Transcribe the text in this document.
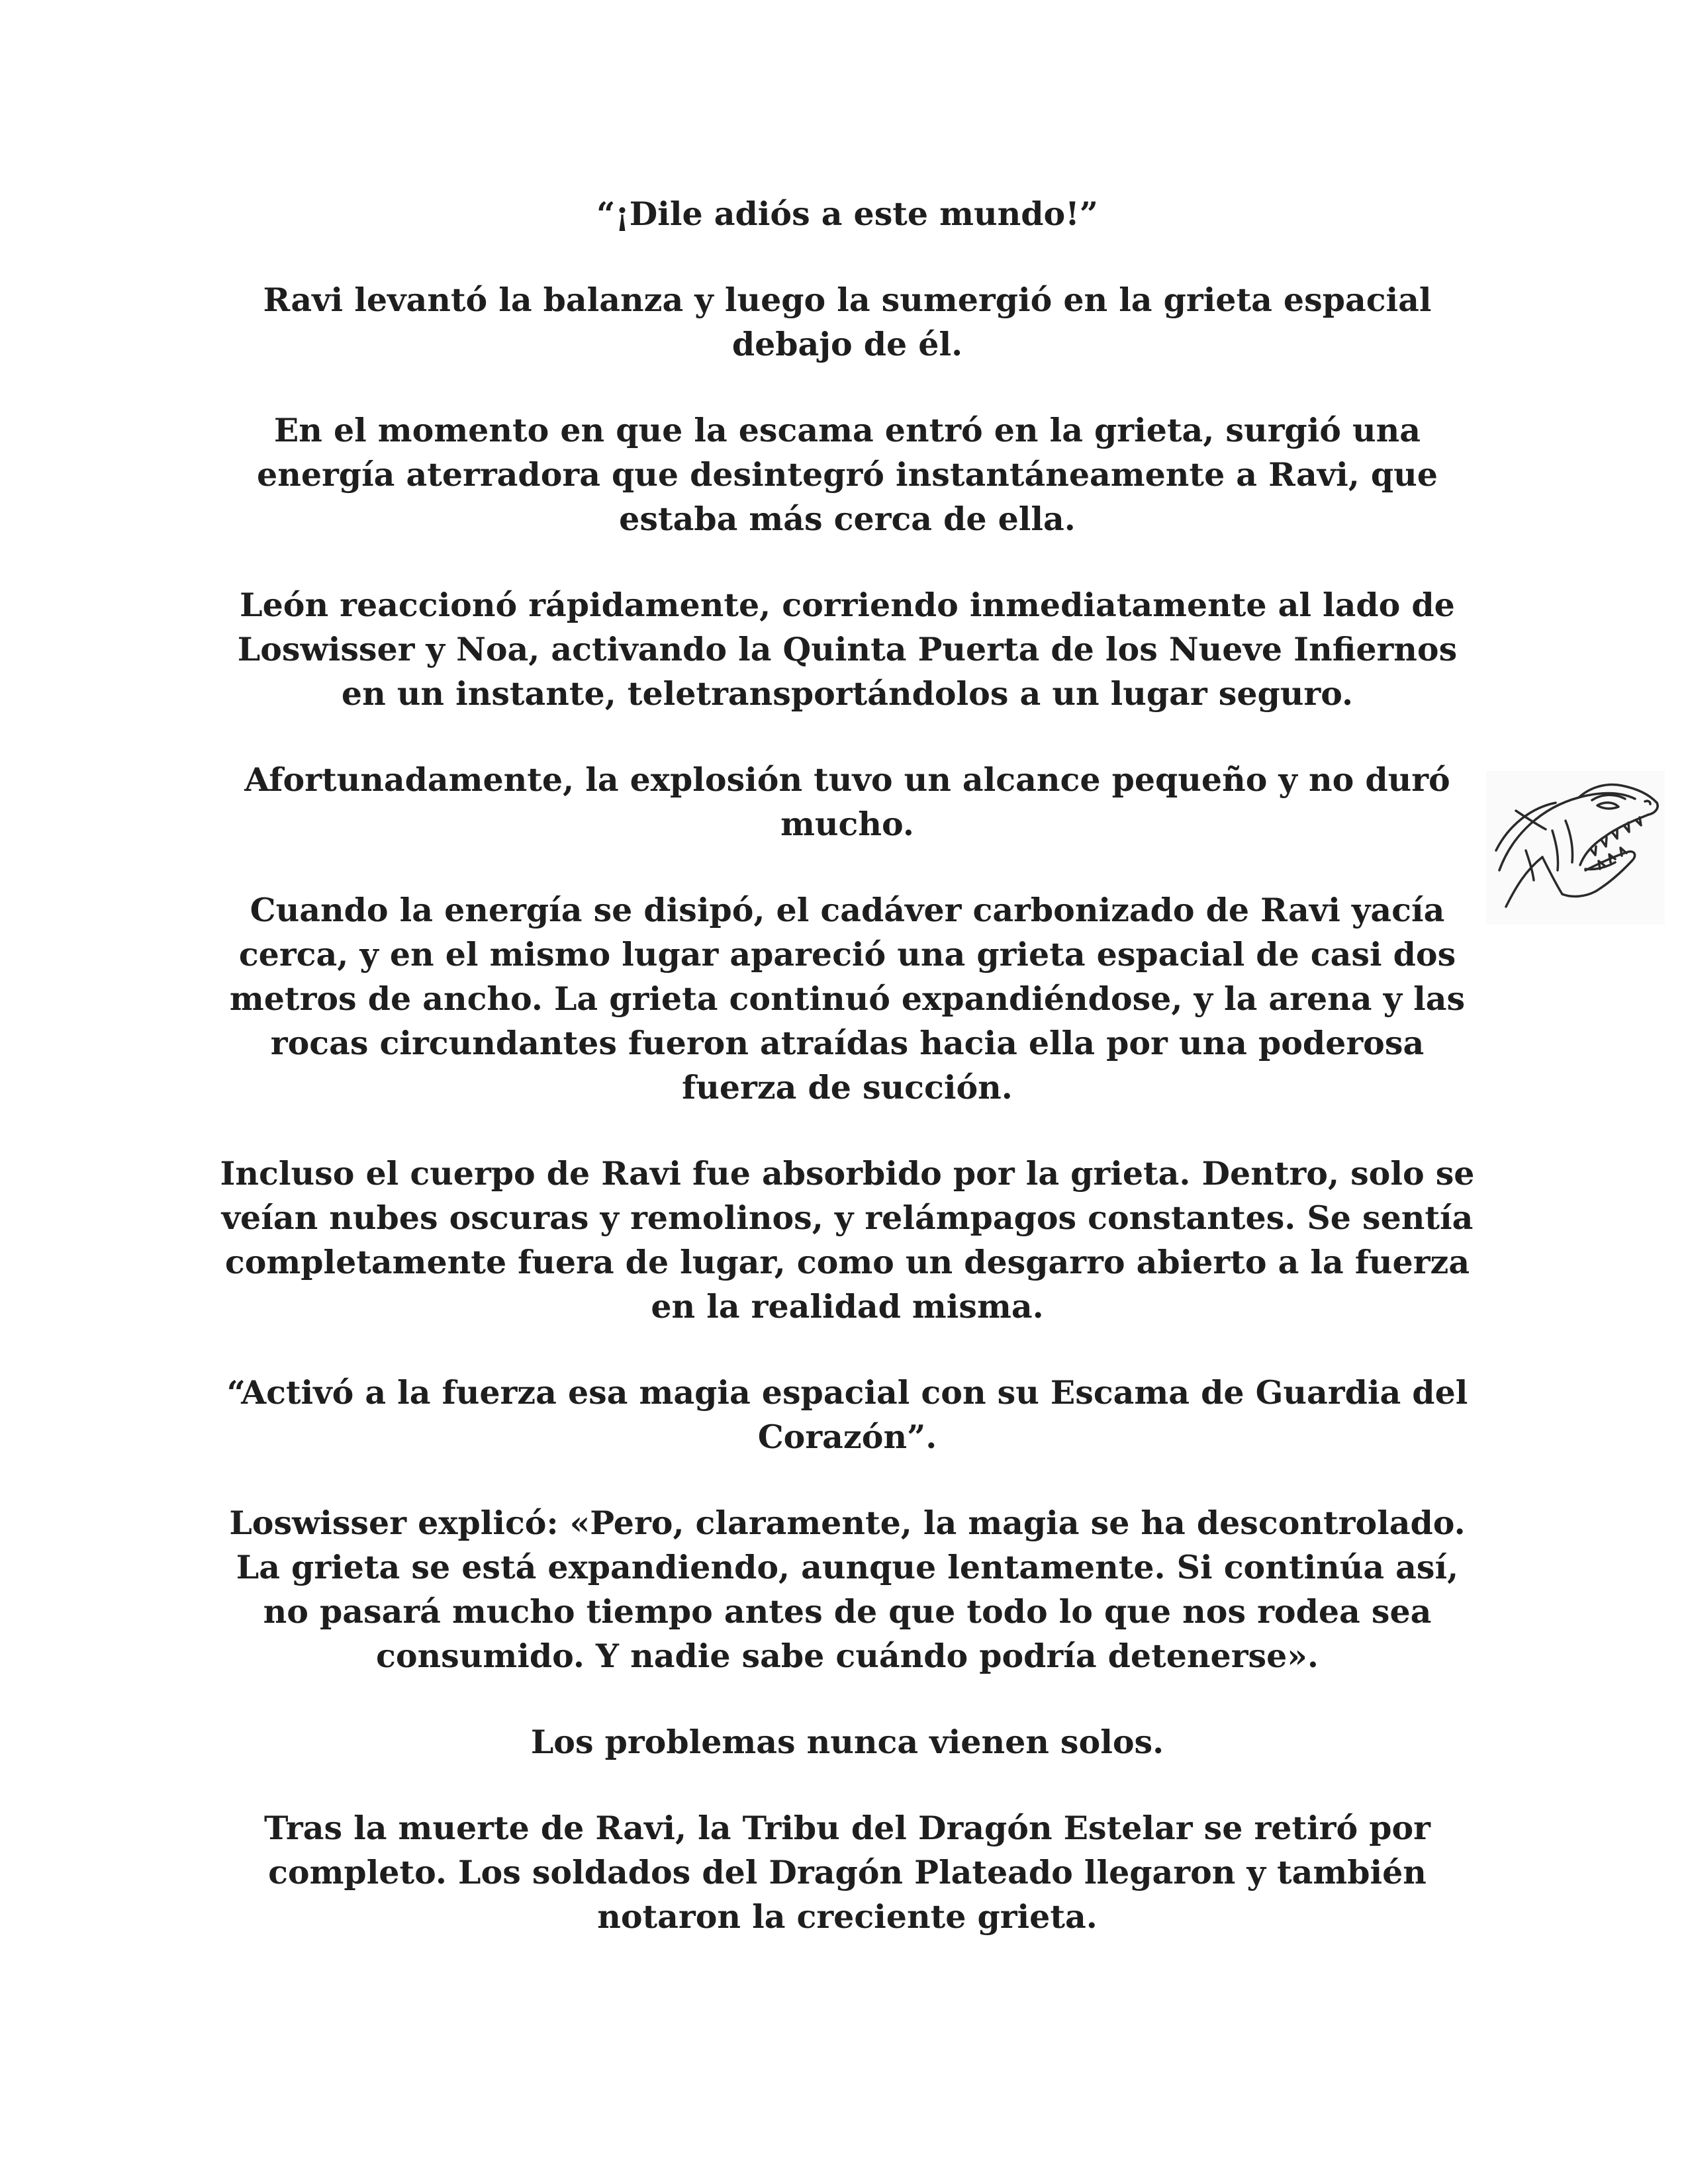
“¡Dile adiós a este mundo!”

Ravi levantó la balanza y luego la sumergió en la grieta espacial debajo de él.

En el momento en que la escama entró en la grieta, surgió una energía aterradora que desintegró instantáneamente a Ravi, que estaba más cerca de ella.

León reaccionó rápidamente, corriendo inmediatamente al lado de Loswisser y Noa, activando la Quinta Puerta de los Nueve Infiernos en un instante, teletransportándolos a un lugar seguro.

Afortunadamente, la explosión tuvo un alcance pequeño y no duró mucho.

Cuando la energía se disipó, el cadáver carbonizado de Ravi yacía cerca, y en el mismo lugar apareció una grieta espacial de casi dos metros de ancho. La grieta continuó expandiéndose, y la arena y las rocas circundantes fueron atraídas hacia ella por una poderosa fuerza de succión.

Incluso el cuerpo de Ravi fue absorbido por la grieta. Dentro, solo se veían nubes oscuras y remolinos, y relámpagos constantes. Se sentía completamente fuera de lugar, como un desgarro abierto a la fuerza en la realidad misma.

“Activó a la fuerza esa magia espacial con su Escama de Guardia del Corazón”.

Loswisser explicó: «Pero, claramente, la magia se ha descontrolado. La grieta se está expandiendo, aunque lentamente. Si continúa así, no pasará mucho tiempo antes de que todo lo que nos rodea sea consumido. Y nadie sabe cuándo podría detenerse».

Los problemas nunca vienen solos.

Tras la muerte de Ravi, la Tribu del Dragón Estelar se retiró por completo. Los soldados del Dragón Plateado llegaron y también notaron la creciente grieta.
